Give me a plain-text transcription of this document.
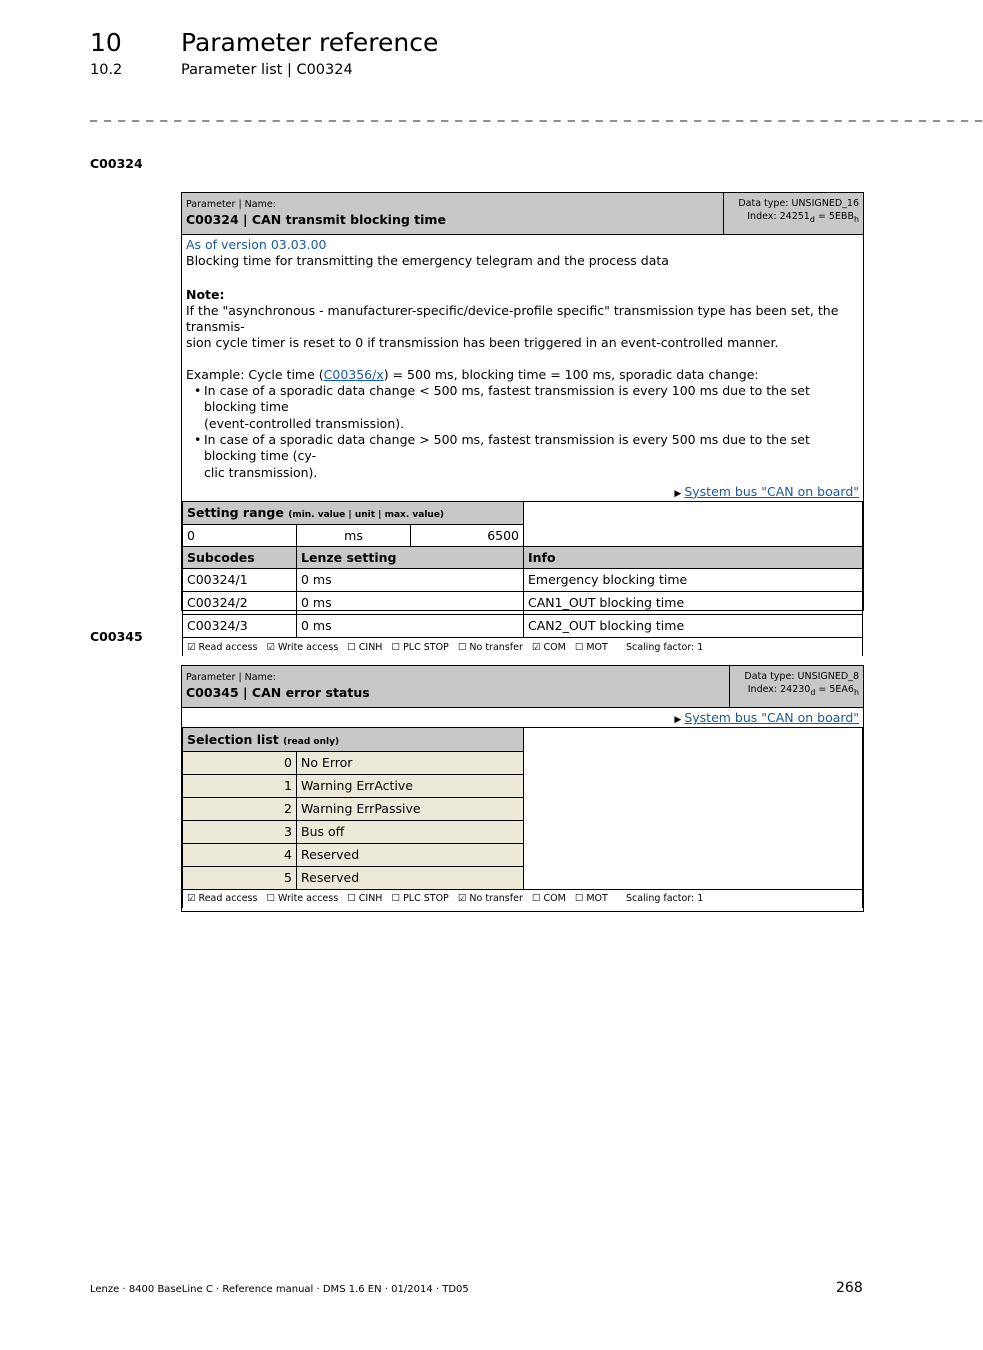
10 Parameter reference
10.2	Parameter list | C00324
_ _ _ _ _ _ _ _ _ _ _ _ _ _ _ _ _ _ _ _ _ _ _ _ _ _ _ _ _ _ _ _ _ _ _ _ _ _ _ _ _ _ _ _ _ _ _ _ _ _ _ _ _ _ _ _ _ _ _ _ _ _ _ _
C00324
Parameter | Name:
C00324 | CAN transmit blocking time
Data type: UNSIGNED_16
Index: $24251_d = 5EBB_h$
As of version 03.03.00
Blocking time for transmitting the emergency telegram and the process data
Note:
If the "asynchronous - manufacturer-specific/device-profile specific" transmission type has been set, the transmis-
sion cycle timer is reset to 0 if transmission has been triggered in an event-controlled manner.
Example: Cycle time (C00356/x) = 500 ms, blocking time = 100 ms, sporadic data change:
• In case of a sporadic data change < 500 ms, fastest transmission is every 100 ms due to the set blocking time
(event-controlled transmission).
• In case of a sporadic data change > 500 ms, fastest transmission is every 500 ms due to the set blocking time (cy-
clic transmission).
▶ System bus "CAN on board"
Setting range (min. value | unit | max. value)			
0	ms	6500	
Subcodes	Lenze setting		Info
C00324/1	0 ms		Emergency blocking time
C00324/2	0 ms		CAN1_OUT blocking time
C00324/3	0 ms		CAN2_OUT blocking time
☑ Read access ☑ Write access ☐ CINH ☐ PLC STOP ☐ No transfer ☑ COM ☐ MOT Scaling factor: 1			
C00345
Parameter | Name:
C00345 | CAN error status
Data type: UNSIGNED_8
Index: $24230_d = 5EA6_h$
▶ System bus "CAN on board"
Selection list (read only)		
0	No Error	
1	Warning ErrActive	
2	Warning ErrPassive	
3	Bus off	
4	Reserved	
5	Reserved	
☑ Read access ☐ Write access ☐ CINH ☐ PLC STOP ☑ No transfer ☐ COM ☐ MOT Scaling factor: 1		
Lenze · 8400 BaseLine C · Reference manual · DMS 1.6 EN · 01/2014 · TD05	268
